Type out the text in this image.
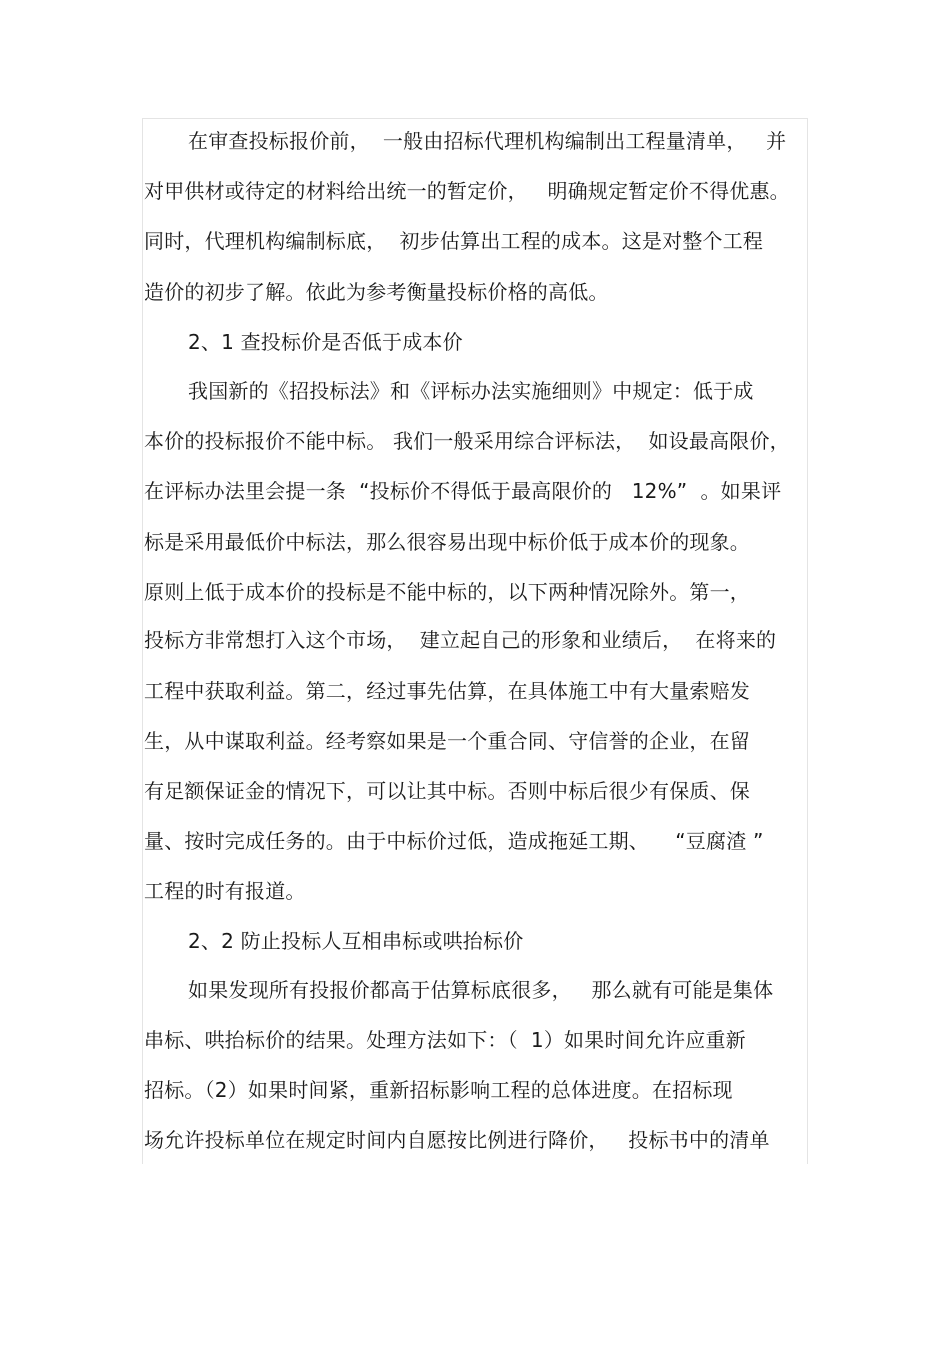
在审查投标报价前，  一般由招标代理机构编制出工程量清单，   并
对甲供材或待定的材料给出统一的暂定价，   明确规定暂定价不得优惠。
同时，代理机构编制标底，  初步估算出工程的成本。这是对整个工程
造价的初步了解。依此为参考衡量投标价格的高低。
2、1 查投标价是否低于成本价
我国新的《招投标法》和《评标办法实施细则》中规定：低于成
本价的投标报价不能中标。 我们一般采用综合评标法，  如设最高限价，
在评标办法里会提一条  “投标价不得低于最高限价的   12%”  。如果评
标是采用最低价中标法，那么很容易出现中标价低于成本价的现象。
原则上低于成本价的投标是不能中标的，以下两种情况除外。第一，
投标方非常想打入这个市场，  建立起自己的形象和业绩后，  在将来的
工程中获取利益。第二，经过事先估算，在具体施工中有大量索赔发
生，从中谋取利益。经考察如果是一个重合同、守信誉的企业，在留
有足额保证金的情况下，可以让其中标。否则中标后很少有保质、保
量、按时完成任务的。由于中标价过低，造成拖延工期、    “豆腐渣 ”
工程的时有报道。
2、2 防止投标人互相串标或哄抬标价
如果发现所有投报价都高于估算标底很多，   那么就有可能是集体
串标、哄抬标价的结果。处理方法如下：（  1）如果时间允许应重新
招标。（2）如果时间紧，重新招标影响工程的总体进度。在招标现
场允许投标单位在规定时间内自愿按比例进行降价，   投标书中的清单
